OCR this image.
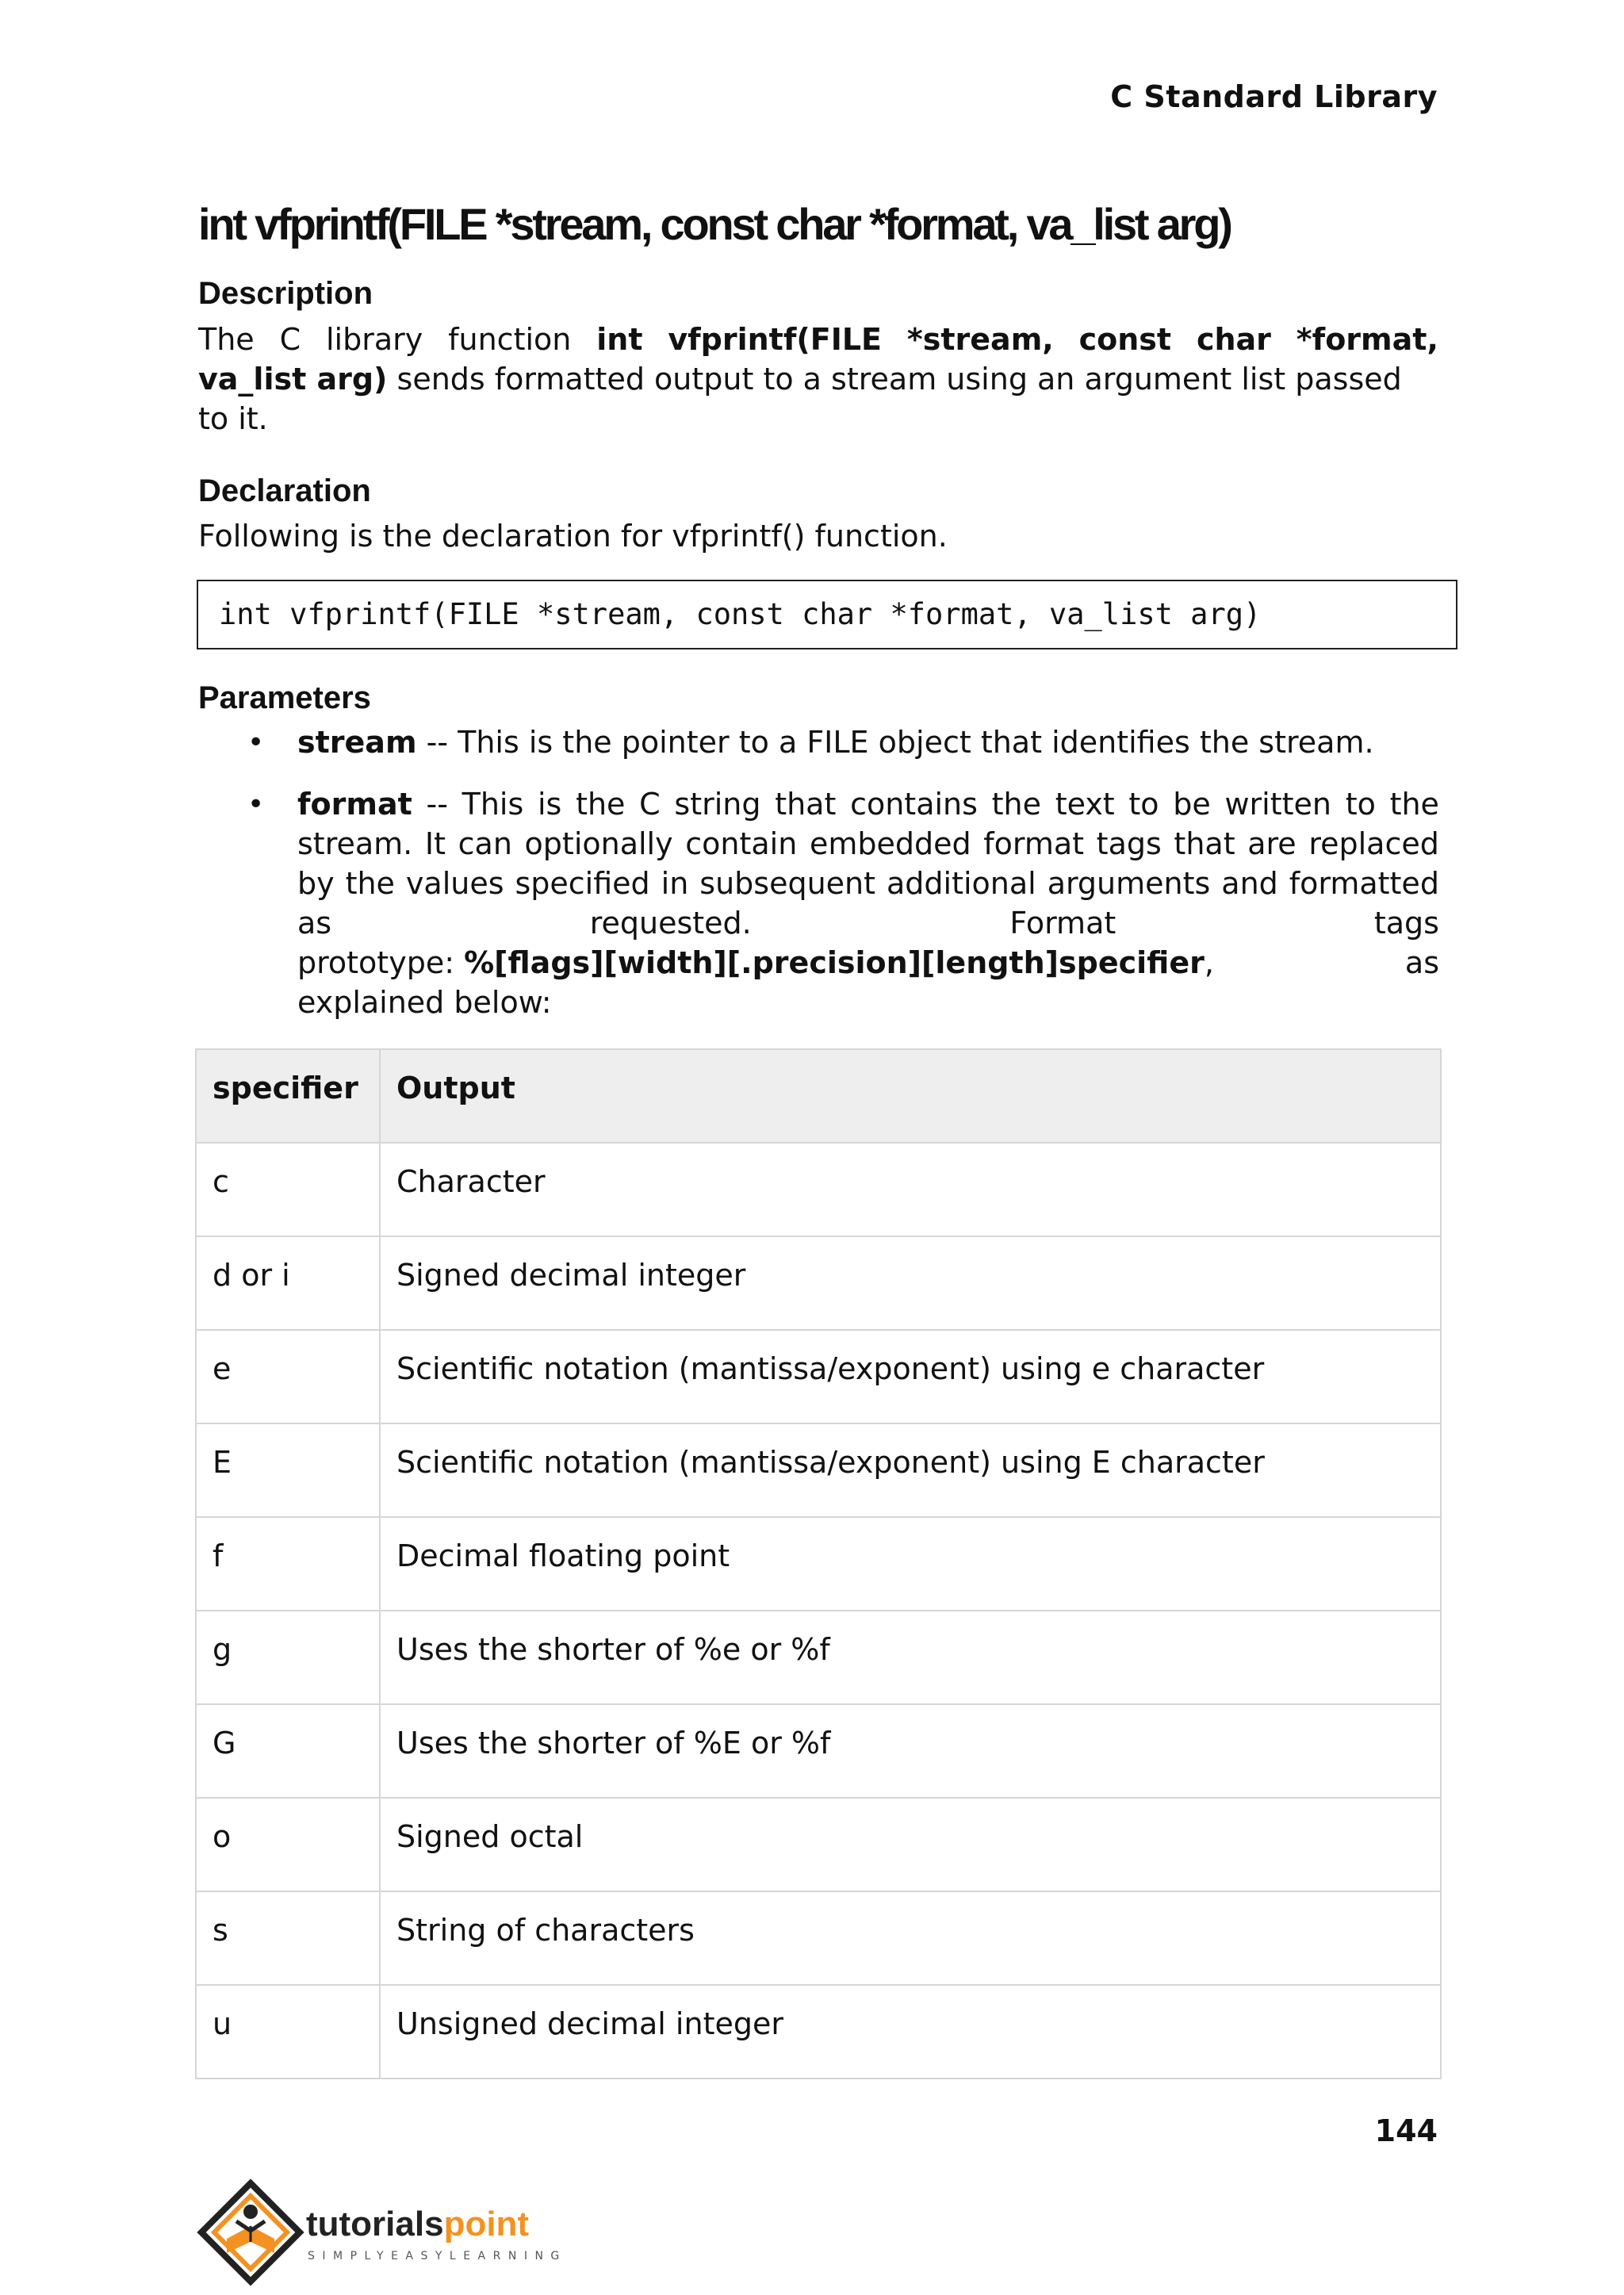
C Standard Library
int vfprintf(FILE *stream, const char *format, va_list arg)
Description
The C library function int vfprintf(FILE *stream, const char *format,
va_list arg) sends formatted output to a stream using an argument list passed
to it.
Declaration
Following is the declaration for vfprintf() function.
int vfprintf(FILE *stream, const char *format, va_list arg)
Parameters
• stream -- This is the pointer to a FILE object that identifies the stream.
• format -- This is the C string that contains the text to be written to the
stream. It can optionally contain embedded format tags that are replaced
by the values specified in subsequent additional arguments and formatted
as	requested.	Format	tags
prototype: %[flags][width][.precision][length]specifier,	as
explained below:
specifier	Output
c	Character
d or i	Signed decimal integer
e	Scientific notation (mantissa/exponent) using e character
E	Scientific notation (mantissa/exponent) using E character
f	Decimal floating point
g	Uses the shorter of %e or %f
G	Uses the shorter of %E or %f
o	Signed octal
s	String of characters
u	Unsigned decimal integer
144
tutorialspoint
SIMPLYEASYLEARNING
